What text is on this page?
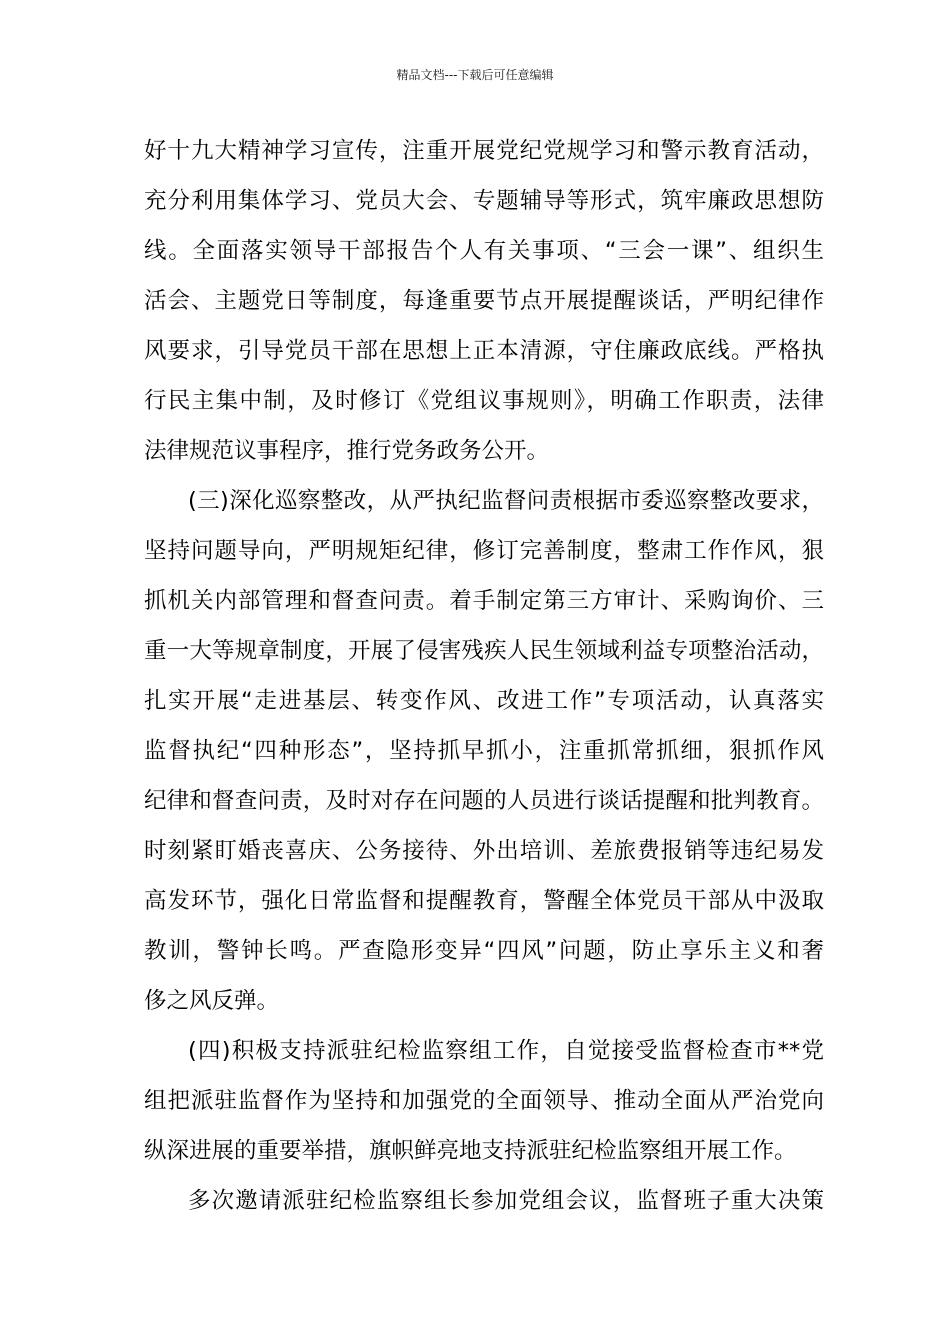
精品文档---下载后可任意编辑
好十九大精神学习宣传，注重开展党纪党规学习和警示教育活动，
充分利用集体学习、党员大会、专题辅导等形式，筑牢廉政思想防
线。全面落实领导干部报告个人有关事项、“三会一课”、组织生
活会、主题党日等制度，每逢重要节点开展提醒谈话，严明纪律作
风要求，引导党员干部在思想上正本清源，守住廉政底线。严格执
行民主集中制，及时修订《党组议事规则》，明确工作职责，法律
法律规范议事程序，推行党务政务公开。
(三)深化巡察整改，从严执纪监督问责根据市委巡察整改要求，
坚持问题导向，严明规矩纪律，修订完善制度，整肃工作作风，狠
抓机关内部管理和督查问责。着手制定第三方审计、采购询价、三
重一大等规章制度，开展了侵害残疾人民生领域利益专项整治活动，
扎实开展“走进基层、转变作风、改进工作”专项活动，认真落实
监督执纪“四种形态”，坚持抓早抓小，注重抓常抓细，狠抓作风
纪律和督查问责，及时对存在问题的人员进行谈话提醒和批判教育。
时刻紧盯婚丧喜庆、公务接待、外出培训、差旅费报销等违纪易发
高发环节，强化日常监督和提醒教育，警醒全体党员干部从中汲取
教训，警钟长鸣。严查隐形变异“四风”问题，防止享乐主义和奢
侈之风反弹。
(四)积极支持派驻纪检监察组工作，自觉接受监督检查市**党
组把派驻监督作为坚持和加强党的全面领导、推动全面从严治党向
纵深进展的重要举措，旗帜鲜亮地支持派驻纪检监察组开展工作。
多次邀请派驻纪检监察组长参加党组会议，监督班子重大决策
